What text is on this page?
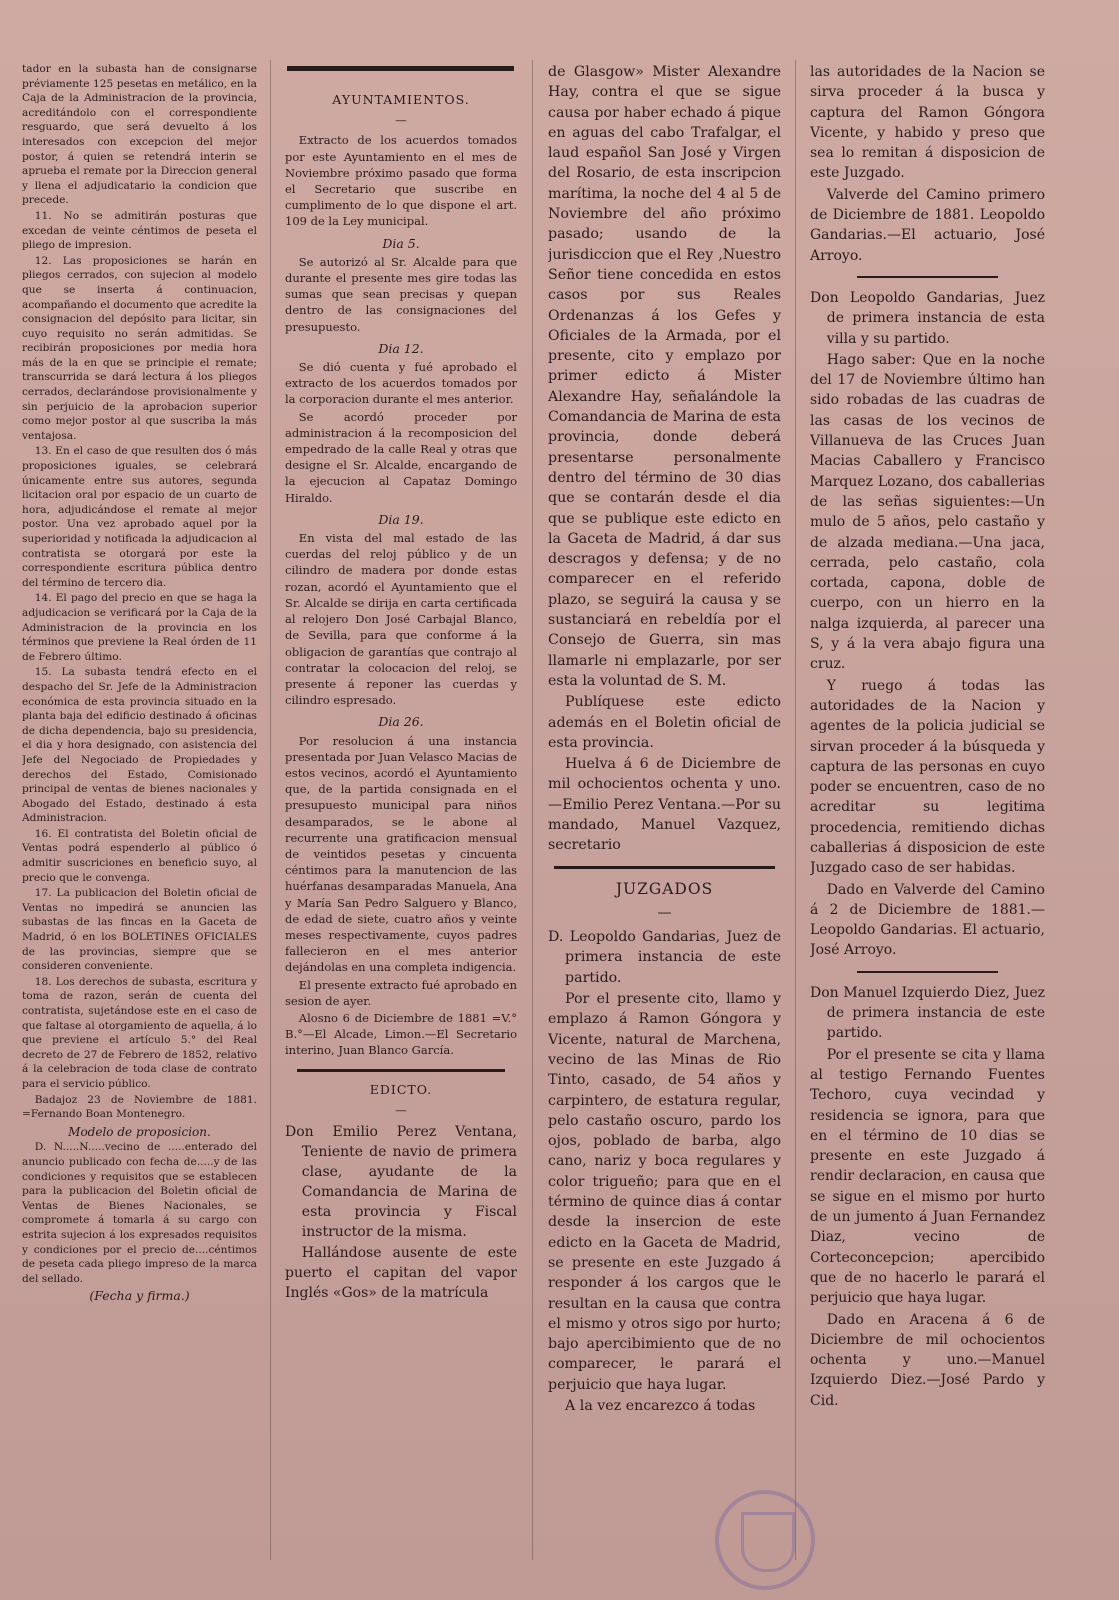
tador en la subasta han de consignarse préviamente 125 pesetas en metálico, en la Caja de la Administracion de la provincia, acreditándolo con el correspondiente resguardo, que será devuelto á los interesados con excepcion del mejor postor, á quien se retendrá interin se aprueba el remate por la Direccion general y llena el adjudicatario la condicion que precede.

11. No se admitirán posturas que excedan de veinte céntimos de peseta el pliego de impresion.

12. Las proposiciones se harán en pliegos cerrados, con sujecion al modelo que se inserta á continuacion, acompañando el documento que acredite la consignacion del depósito para licitar, sin cuyo requisito no serán admitidas. Se recibirán proposiciones por media hora más de la en que se principie el remate; transcurrida se dará lectura á los pliegos cerrados, declarándose provisionalmente y sin perjuicio de la aprobacion superior como mejor postor al que suscriba la más ventajosa.

13. En el caso de que resulten dos ó más proposiciones iguales, se celebrará únicamente entre sus autores, segunda licitacion oral por espacio de un cuarto de hora, adjudicándose el remate al mejor postor. Una vez aprobado aquel por la superioridad y notificada la adjudicacion al contratista se otorgará por este la correspondiente escritura pública dentro del término de tercero dia.

14. El pago del precio en que se haga la adjudicacion se verificará por la Caja de la Administracion de la provincia en los términos que previene la Real órden de 11 de Febrero último.

15. La subasta tendrá efecto en el despacho del Sr. Jefe de la Administracion económica de esta provincia situado en la planta baja del edificio destinado á oficinas de dicha dependencia, bajo su presidencia, el dia y hora designado, con asistencia del Jefe del Negociado de Propiedades y derechos del Estado, Comisionado principal de ventas de bienes nacionales y Abogado del Estado, destinado á esta Administracion.

16. El contratista del Boletin oficial de Ventas podrá espenderlo al público ó admitir suscriciones en beneficio suyo, al precio que le convenga.

17. La publicacion del Boletin oficial de Ventas no impedirá se anuncien las subastas de las fincas en la Gaceta de Madrid, ó en los BOLETINES OFICIALES de las provincias, siempre que se consideren conveniente.

18. Los derechos de subasta, escritura y toma de razon, serán de cuenta del contratista, sujetándose este en el caso de que faltase al otorgamiento de aquella, á lo que previene el artículo 5.° del Real decreto de 27 de Febrero de 1852, relativo á la celebracion de toda clase de contrato para el servicio público.

Badajoz 23 de Noviembre de 1881. =Fernando Boan Montenegro.

Modelo de proposicion.

D. N.....N.....vecino de .....enterado del anuncio publicado con fecha de.....y de las condiciones y requisitos que se establecen para la publicacion del Boletin oficial de Ventas de Bienes Nacionales, se compromete á tomarla á su cargo con estrita sujecion á los expresados requisitos y condiciones por el precio de....céntimos de peseta cada pliego impreso de la marca del sellado.

(Fecha y firma.)

AYUNTAMIENTOS.

—

Extracto de los acuerdos tomados por este Ayuntamiento en el mes de Noviembre próximo pasado que forma el Secretario que suscribe en cumplimento de lo que dispone el art. 109 de la Ley municipal.

Dia 5.

Se autorizó al Sr. Alcalde para que durante el presente mes gire todas las sumas que sean precisas y quepan dentro de las consignaciones del presupuesto.

Dia 12.

Se dió cuenta y fué aprobado el extracto de los acuerdos tomados por la corporacion durante el mes anterior.

Se acordó proceder por administracion á la recomposicion del empedrado de la calle Real y otras que designe el Sr. Alcalde, encargando de la ejecucion al Capataz Domingo Hiraldo.

Dia 19.

En vista del mal estado de las cuerdas del reloj público y de un cilindro de madera por donde estas rozan, acordó el Ayuntamiento que el Sr. Alcalde se dirija en carta certificada al relojero Don José Carbajal Blanco, de Sevilla, para que conforme á la obligacion de garantías que contrajo al contratar la colocacion del reloj, se presente á reponer las cuerdas y cilindro espresado.

Dia 26.

Por resolucion á una instancia presentada por Juan Velasco Macias de estos vecinos, acordó el Ayuntamiento que, de la partida consignada en el presupuesto municipal para niños desamparados, se le abone al recurrente una gratificacion mensual de veintidos pesetas y cincuenta céntimos para la manutencion de las huérfanas desamparadas Manuela, Ana y María San Pedro Salguero y Blanco, de edad de siete, cuatro años y veinte meses respectivamente, cuyos padres fallecieron en el mes anterior dejándolas en una completa indigencia.

El presente extracto fué aprobado en sesion de ayer.

Alosno 6 de Diciembre de 1881 =V.° B.°—El Alcade, Limon.—El Secretario interino, Juan Blanco García.

EDICTO.

—

Don Emilio Perez Ventana, Teniente de navio de primera clase, ayudante de la Comandancia de Marina de esta provincia y Fiscal instructor de la misma.

Hallándose ausente de este puerto el capitan del vapor Inglés «Gos» de la matrícula

de Glasgow» Mister Alexandre Hay, contra el que se sigue causa por haber echado á pique en aguas del cabo Trafalgar, el laud español San José y Virgen del Rosario, de esta inscripcion marítima, la noche del 4 al 5 de Noviembre del año próximo pasado; usando de la jurisdiccion que el Rey ,Nuestro Señor tiene concedida en estos casos por sus Reales Ordenanzas á los Gefes y Oficiales de la Armada, por el presente, cito y emplazo por primer edicto á Mister Alexandre Hay, señalándole la Comandancia de Marina de esta provincia, donde deberá presentarse personalmente dentro del término de 30 dias que se contarán desde el dia que se publique este edicto en la Gaceta de Madrid, á dar sus descragos y defensa; y de no comparecer en el referido plazo, se seguirá la causa y se sustanciará en rebeldía por el Consejo de Guerra, sin mas llamarle ni emplazarle, por ser esta la voluntad de S. M.

Publíquese este edicto además en el Boletin oficial de esta provincia.

Huelva á 6 de Diciembre de mil ochocientos ochenta y uno.—Emilio Perez Ventana.—Por su mandado, Manuel Vazquez, secretario

JUZGADOS

—

D. Leopoldo Gandarias, Juez de primera instancia de este partido.

Por el presente cito, llamo y emplazo á Ramon Góngora y Vicente, natural de Marchena, vecino de las Minas de Rio Tinto, casado, de 54 años y carpintero, de estatura regular, pelo castaño oscuro, pardo los ojos, poblado de barba, algo cano, nariz y boca regulares y color trigueño; para que en el término de quince dias á contar desde la insercion de este edicto en la Gaceta de Madrid, se presente en este Juzgado á responder á los cargos que le resultan en la causa que contra el mismo y otros sigo por hurto; bajo apercibimiento que de no comparecer, le parará el perjuicio que haya lugar.

A la vez encarezco á todas

las autoridades de la Nacion se sirva proceder á la busca y captura del Ramon Góngora Vicente, y habido y preso que sea lo remitan á disposicion de este Juzgado.

Valverde del Camino primero de Diciembre de 1881. Leopoldo Gandarias.—El actuario, José Arroyo.

Don Leopoldo Gandarias, Juez de primera instancia de esta villa y su partido.

Hago saber: Que en la noche del 17 de Noviembre último han sido robadas de las cuadras de las casas de los vecinos de Villanueva de las Cruces Juan Macias Caballero y Francisco Marquez Lozano, dos caballerias de las señas siguientes:—Un mulo de 5 años, pelo castaño y de alzada mediana.—Una jaca, cerrada, pelo castaño, cola cortada, capona, doble de cuerpo, con un hierro en la nalga izquierda, al parecer una S, y á la vera abajo figura una cruz.

Y ruego á todas las autoridades de la Nacion y agentes de la policia judicial se sirvan proceder á la búsqueda y captura de las personas en cuyo poder se encuentren, caso de no acreditar su legitima procedencia, remitiendo dichas caballerias á disposicion de este Juzgado caso de ser habidas.

Dado en Valverde del Camino á 2 de Diciembre de 1881.—Leopoldo Gandarias. El actuario, José Arroyo.

Don Manuel Izquierdo Diez, Juez de primera instancia de este partido.

Por el presente se cita y llama al testigo Fernando Fuentes Techoro, cuya vecindad y residencia se ignora, para que en el término de 10 dias se presente en este Juzgado á rendir declaracion, en causa que se sigue en el mismo por hurto de un jumento á Juan Fernandez Diaz, vecino de Corteconcepcion; apercibido que de no hacerlo le parará el perjuicio que haya lugar.

Dado en Aracena á 6 de Diciembre de mil ochocientos ochenta y uno.—Manuel Izquierdo Diez.—José Pardo y Cid.
